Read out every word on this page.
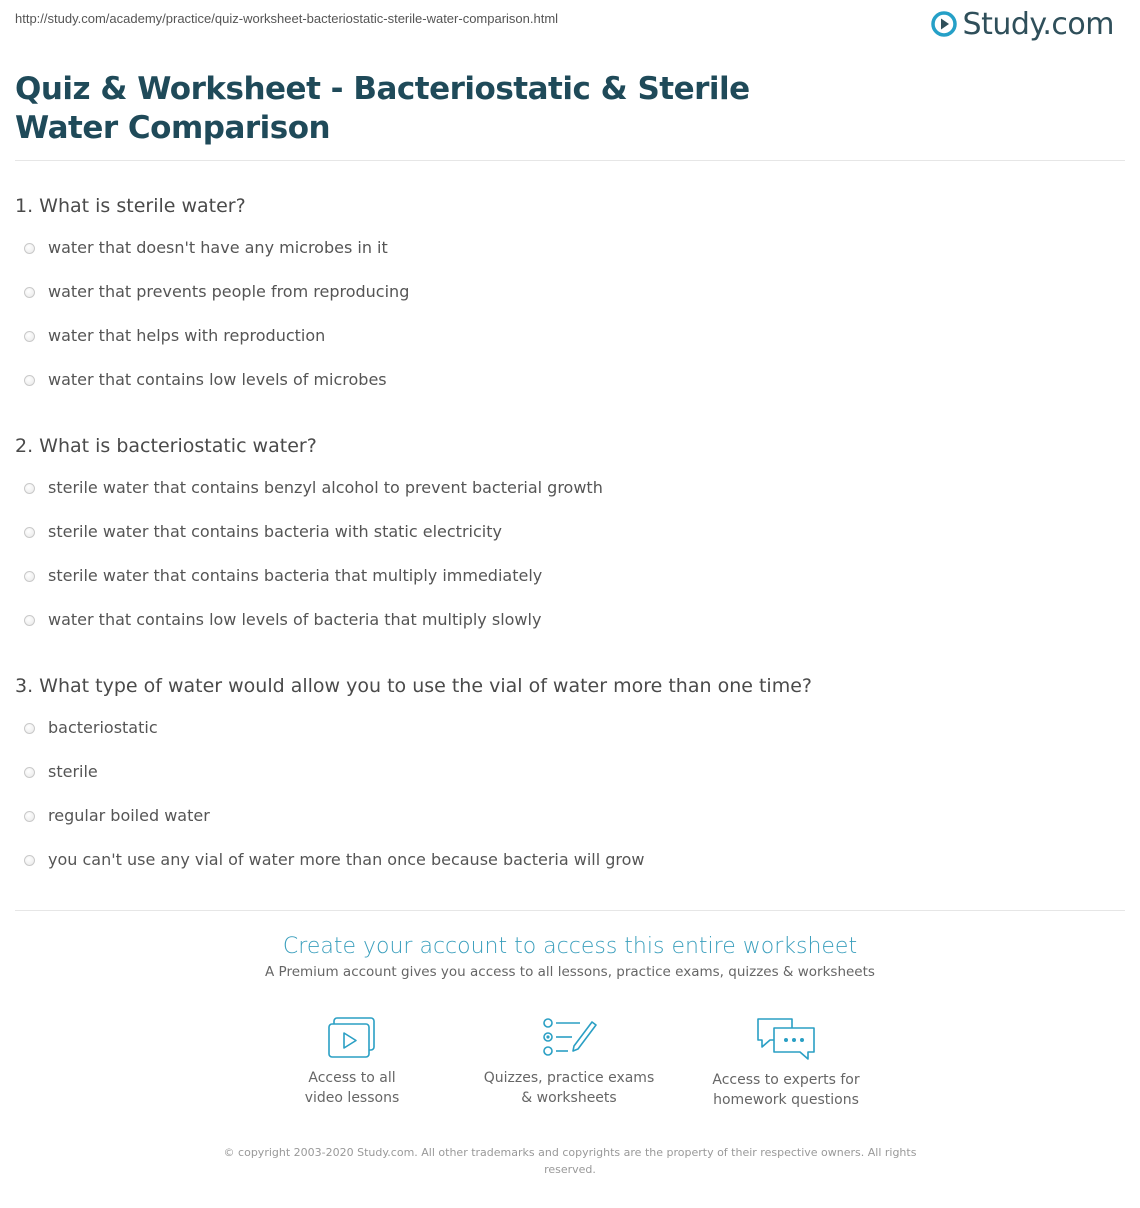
http://study.com/academy/practice/quiz-worksheet-bacteriostatic-sterile-water-comparison.html	Study.com
Quiz & Worksheet - Bacteriostatic & Sterile Water Comparison
1. What is sterile water?
water that doesn't have any microbes in it
water that prevents people from reproducing
water that helps with reproduction
water that contains low levels of microbes
2. What is bacteriostatic water?
sterile water that contains benzyl alcohol to prevent bacterial growth
sterile water that contains bacteria with static electricity
sterile water that contains bacteria that multiply immediately
water that contains low levels of bacteria that multiply slowly
3. What type of water would allow you to use the vial of water more than one time?
bacteriostatic
sterile
regular boiled water
you can't use any vial of water more than once because bacteria will grow
Create your account to access this entire worksheet
A Premium account gives you access to all lessons, practice exams, quizzes & worksheets
Access to all
video lessons
Quizzes, practice exams
& worksheets
Access to experts for
homework questions
© copyright 2003-2020 Study.com. All other trademarks and copyrights are the property of their respective owners. All rights reserved.
